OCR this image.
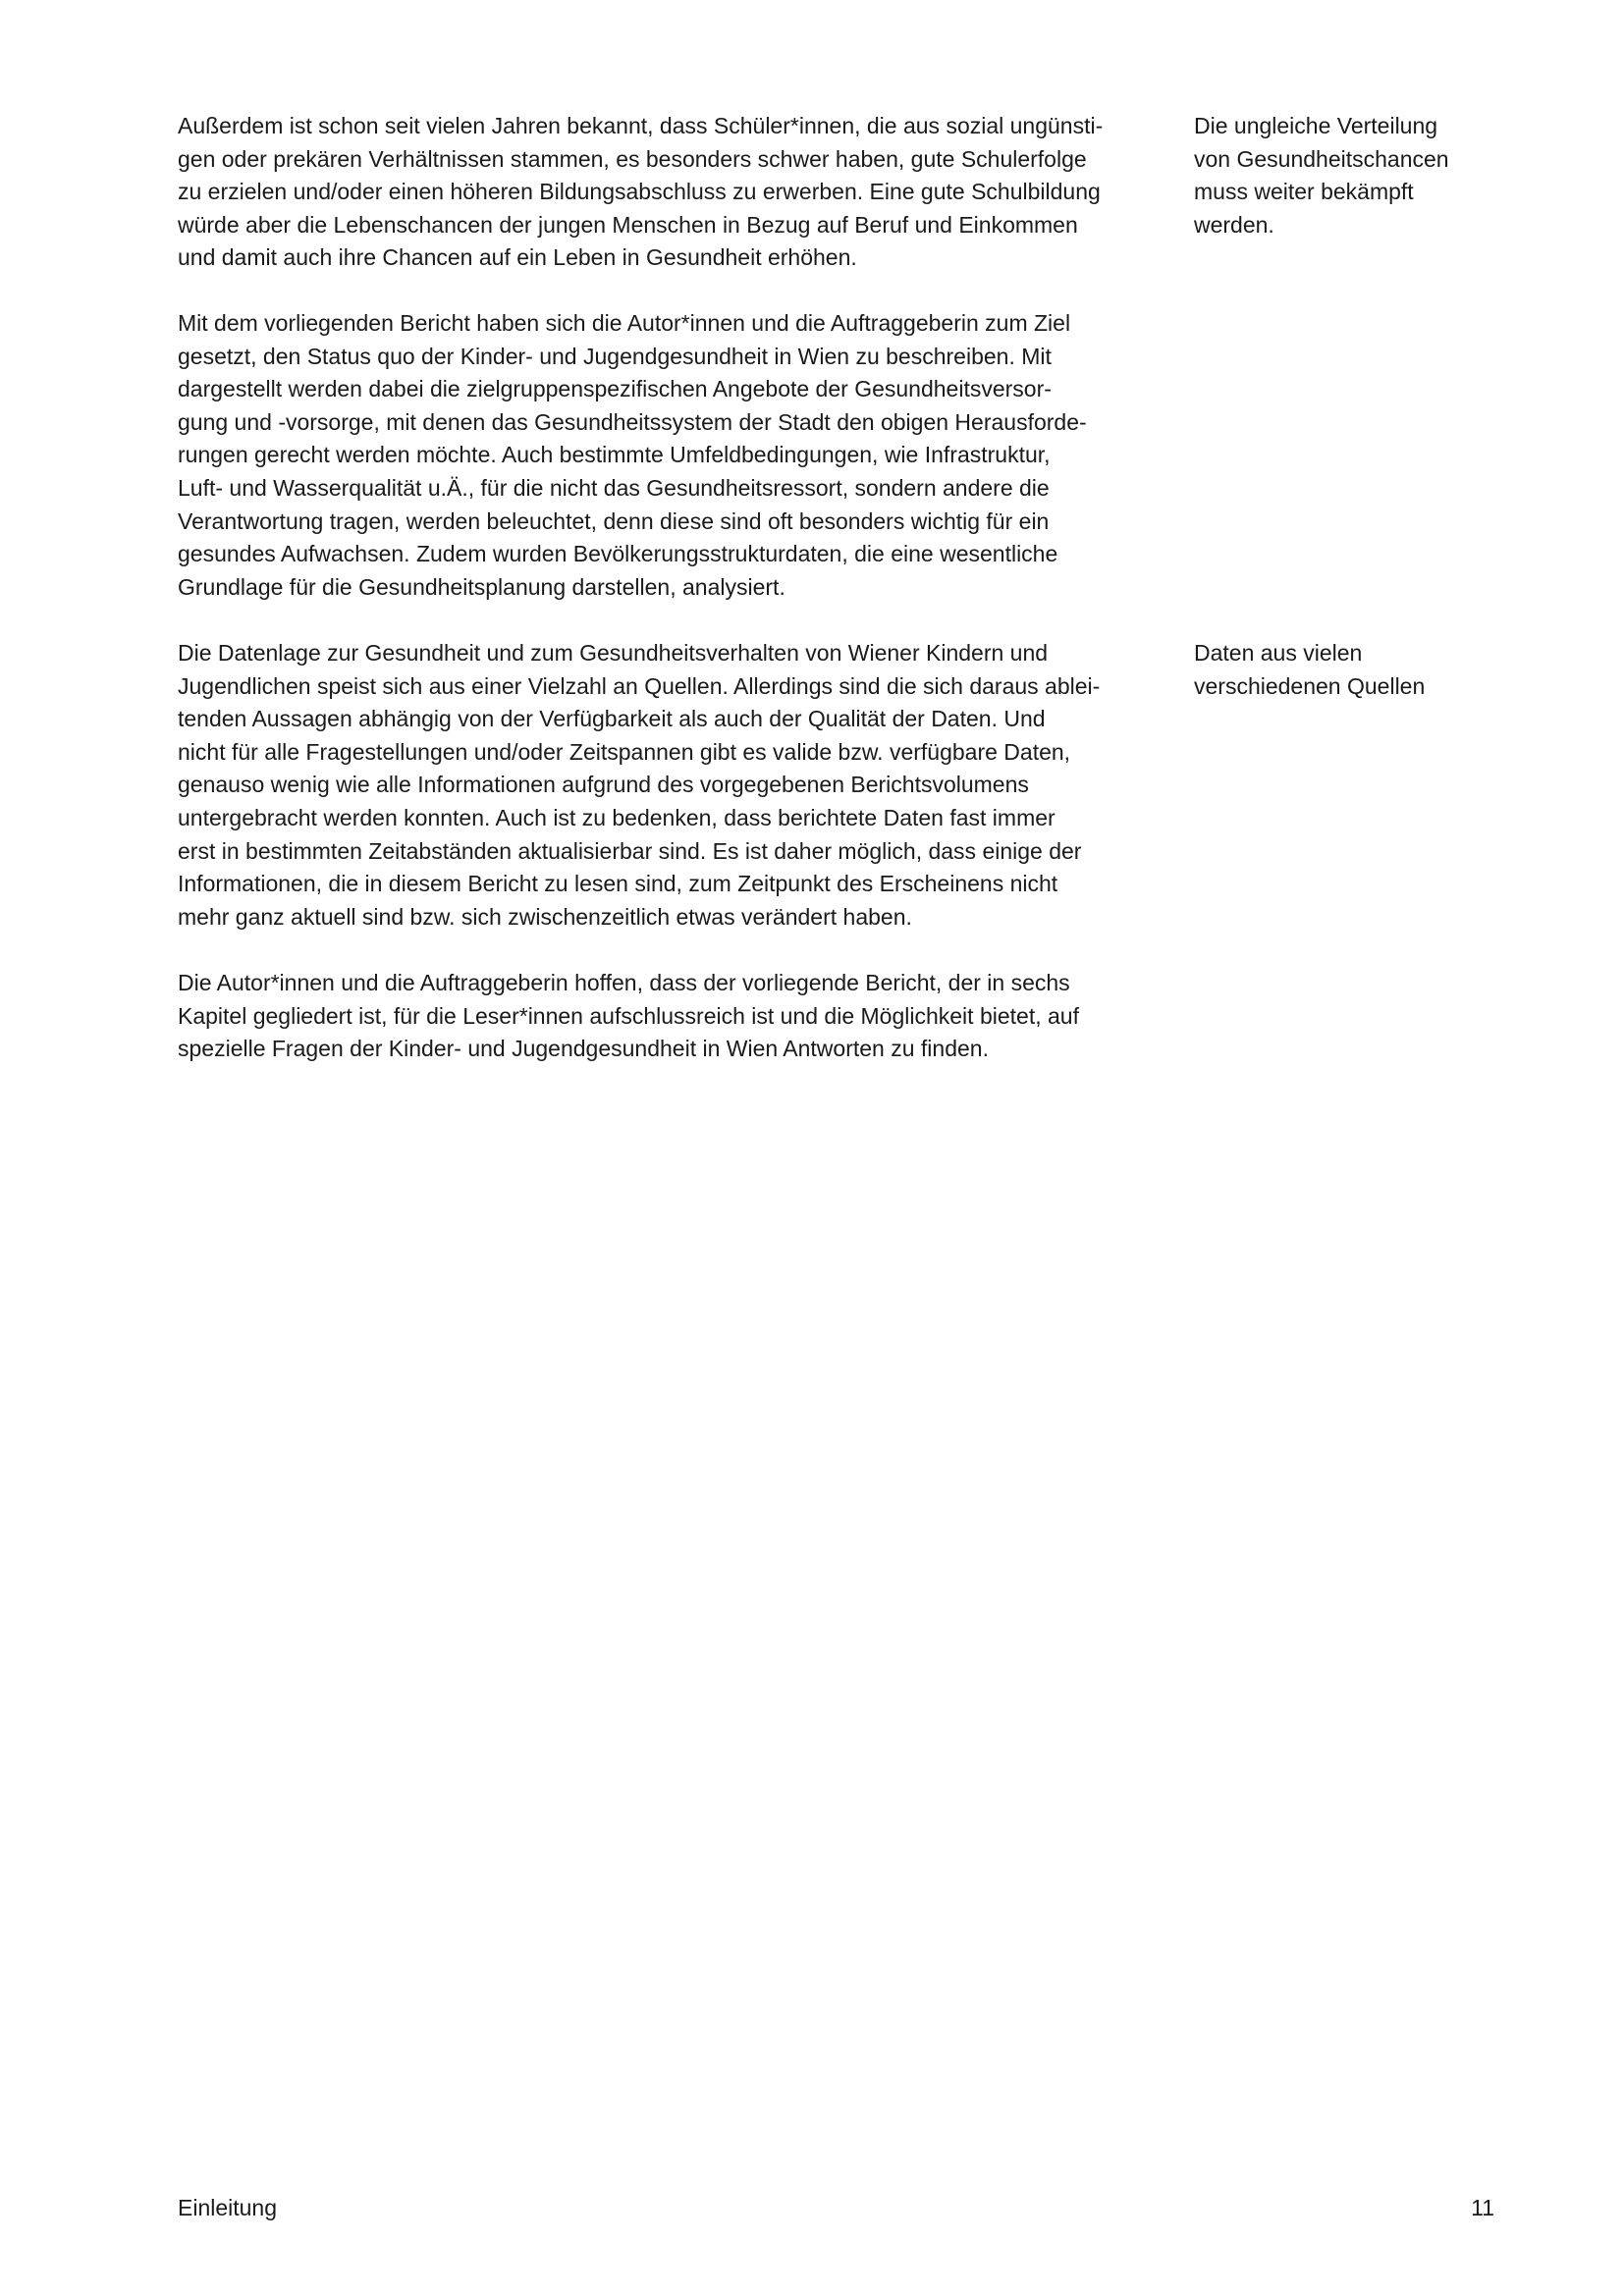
Außerdem ist schon seit vielen Jahren bekannt, dass Schüler*innen, die aus sozial ungünsti-
gen oder prekären Verhältnissen stammen, es besonders schwer haben, gute Schulerfolge
zu erzielen und/oder einen höheren Bildungsabschluss zu erwerben. Eine gute Schulbildung
würde aber die Lebenschancen der jungen Menschen in Bezug auf Beruf und Einkommen
und damit auch ihre Chancen auf ein Leben in Gesundheit erhöhen.

Mit dem vorliegenden Bericht haben sich die Autor*innen und die Auftraggeberin zum Ziel
gesetzt, den Status quo der Kinder- und Jugendgesundheit in Wien zu beschreiben. Mit
dargestellt werden dabei die zielgruppenspezifischen Angebote der Gesundheitsversor-
gung und -vorsorge, mit denen das Gesundheitssystem der Stadt den obigen Herausforde-
rungen gerecht werden möchte. Auch bestimmte Umfeldbedingungen, wie Infrastruktur,
Luft- und Wasserqualität u.Ä., für die nicht das Gesundheitsressort, sondern andere die
Verantwortung tragen, werden beleuchtet, denn diese sind oft besonders wichtig für ein
gesundes Aufwachsen. Zudem wurden Bevölkerungsstrukturdaten, die eine wesentliche
Grundlage für die Gesundheitsplanung darstellen, analysiert.

Die Datenlage zur Gesundheit und zum Gesundheitsverhalten von Wiener Kindern und
Jugendlichen speist sich aus einer Vielzahl an Quellen. Allerdings sind die sich daraus ablei-
tenden Aussagen abhängig von der Verfügbarkeit als auch der Qualität der Daten. Und
nicht für alle Fragestellungen und/oder Zeitspannen gibt es valide bzw. verfügbare Daten,
genauso wenig wie alle Informationen aufgrund des vorgegebenen Berichtsvolumens
untergebracht werden konnten. Auch ist zu bedenken, dass berichtete Daten fast immer
erst in bestimmten Zeitabständen aktualisierbar sind. Es ist daher möglich, dass einige der
Informationen, die in diesem Bericht zu lesen sind, zum Zeitpunkt des Erscheinens nicht
mehr ganz aktuell sind bzw. sich zwischenzeitlich etwas verändert haben.

Die Autor*innen und die Auftraggeberin hoffen, dass der vorliegende Bericht, der in sechs
Kapitel gegliedert ist, für die Leser*innen aufschlussreich ist und die Möglichkeit bietet, auf
spezielle Fragen der Kinder- und Jugendgesundheit in Wien Antworten zu finden.

Die ungleiche Verteilung
von Gesundheitschancen
muss weiter bekämpft
werden.

Daten aus vielen
verschiedenen Quellen

Einleitung	11
